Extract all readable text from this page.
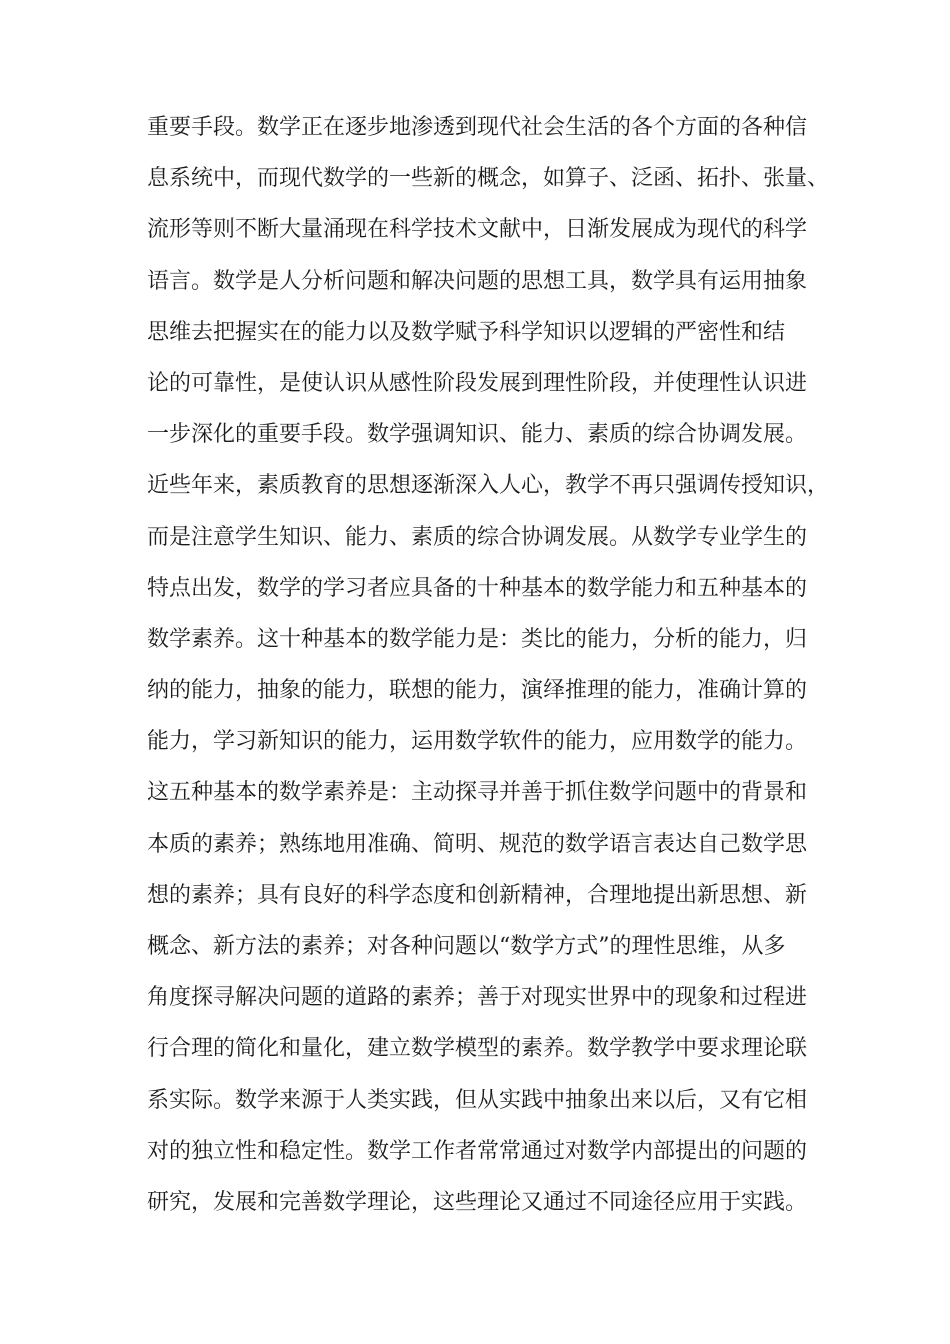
重要手段。数学正在逐步地渗透到现代社会生活的各个方面的各种信
息系统中，而现代数学的一些新的概念，如算子、泛函、拓扑、张量、
流形等则不断大量涌现在科学技术文献中，日渐发展成为现代的科学
语言。数学是人分析问题和解决问题的思想工具，数学具有运用抽象
思维去把握实在的能力以及数学赋予科学知识以逻辑的严密性和结
论的可靠性，是使认识从感性阶段发展到理性阶段，并使理性认识进
一步深化的重要手段。数学强调知识、能力、素质的综合协调发展。
近些年来，素质教育的思想逐渐深入人心，教学不再只强调传授知识，
而是注意学生知识、能力、素质的综合协调发展。从数学专业学生的
特点出发，数学的学习者应具备的十种基本的数学能力和五种基本的
数学素养。这十种基本的数学能力是：类比的能力，分析的能力，归
纳的能力，抽象的能力，联想的能力，演绎推理的能力，准确计算的
能力，学习新知识的能力，运用数学软件的能力，应用数学的能力。
这五种基本的数学素养是：主动探寻并善于抓住数学问题中的背景和
本质的素养；熟练地用准确、简明、规范的数学语言表达自己数学思
想的素养；具有良好的科学态度和创新精神，合理地提出新思想、新
概念、新方法的素养；对各种问题以“数学方式”的理性思维，从多
角度探寻解决问题的道路的素养；善于对现实世界中的现象和过程进
行合理的简化和量化，建立数学模型的素养。数学教学中要求理论联
系实际。数学来源于人类实践，但从实践中抽象出来以后，又有它相
对的独立性和稳定性。数学工作者常常通过对数学内部提出的问题的
研究，发展和完善数学理论，这些理论又通过不同途径应用于实践。
